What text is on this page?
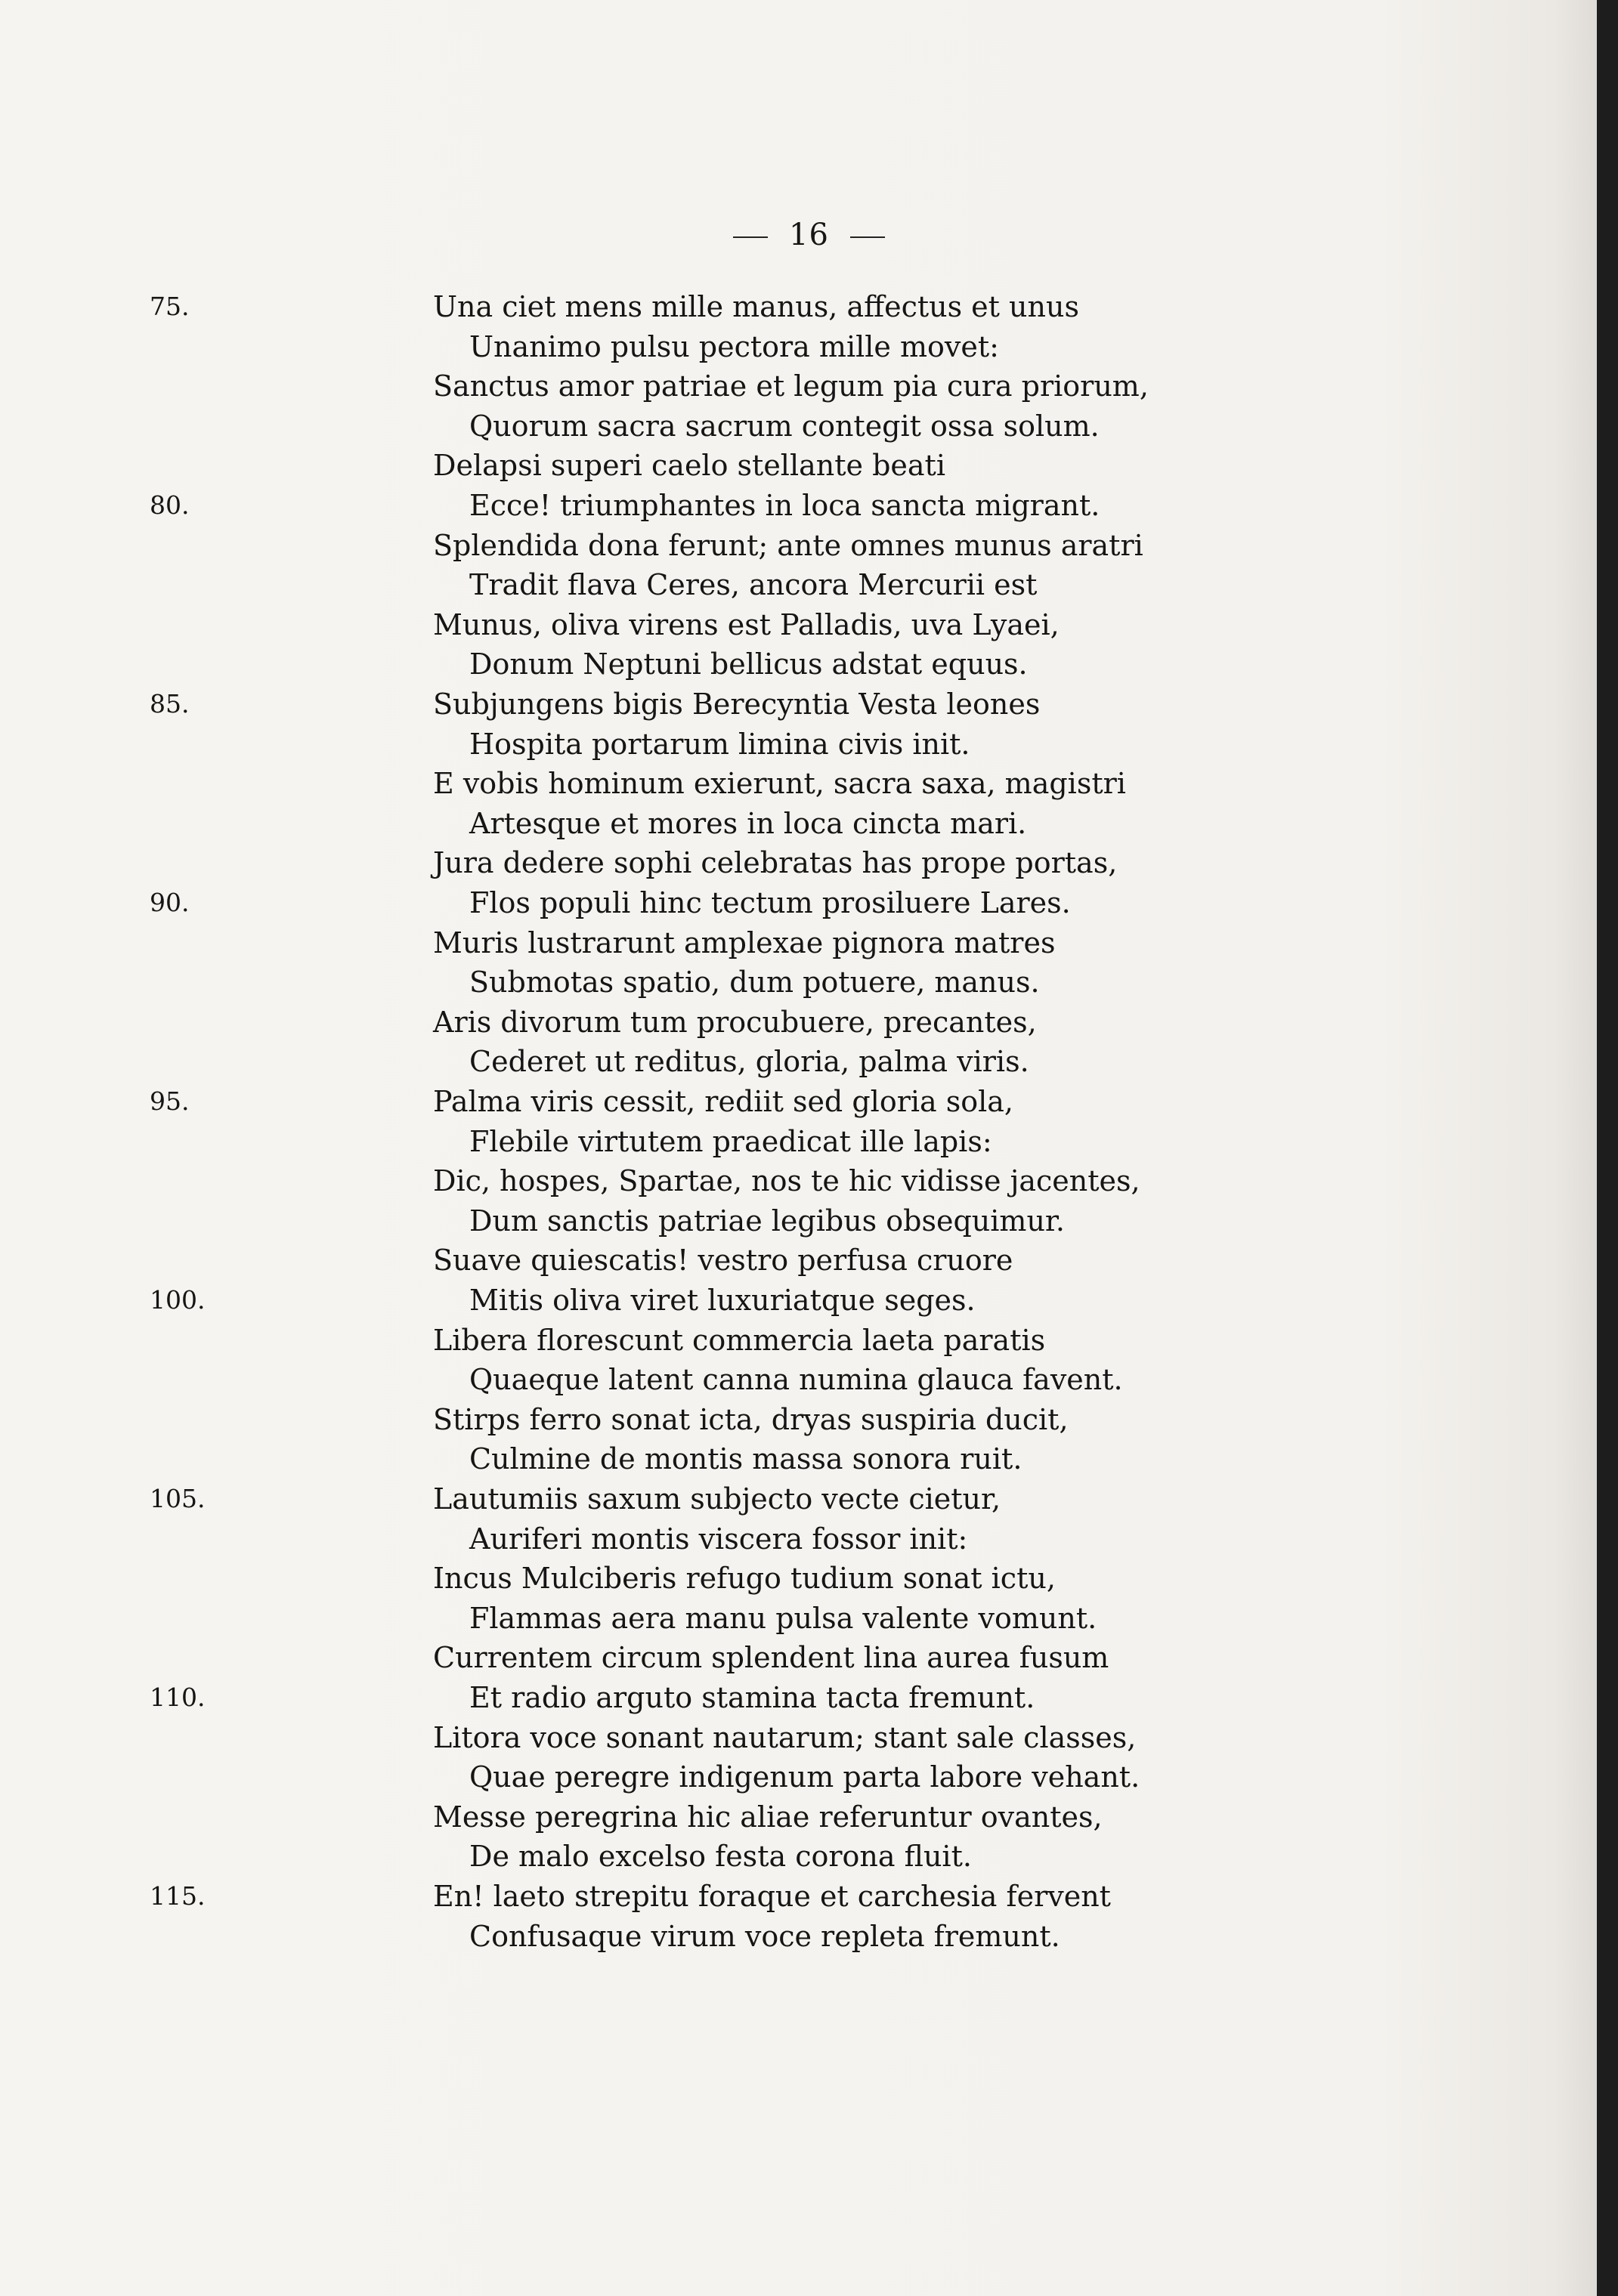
16
75.	Una ciet mens mille manus, affectus et unus
Unanimo pulsu pectora mille movet:
Sanctus amor patriae et legum pia cura priorum,
Quorum sacra sacrum contegit ossa solum.
Delapsi superi caelo stellante beati
80.	Ecce! triumphantes in loca sancta migrant.
Splendida dona ferunt; ante omnes munus aratri
Tradit flava Ceres, ancora Mercurii est
Munus, oliva virens est Palladis, uva Lyaei,
Donum Neptuni bellicus adstat equus.
85.	Subjungens bigis Berecyntia Vesta leones
Hospita portarum limina civis init.
E vobis hominum exierunt, sacra saxa, magistri
Artesque et mores in loca cincta mari.
Jura dedere sophi celebratas has prope portas,
90.	Flos populi hinc tectum prosiluere Lares.
Muris lustrarunt amplexae pignora matres
Submotas spatio, dum potuere, manus.
Aris divorum tum procubuere, precantes,
Cederet ut reditus, gloria, palma viris.
95.	Palma viris cessit, rediit sed gloria sola,
Flebile virtutem praedicat ille lapis:
Dic, hospes, Spartae, nos te hic vidisse jacentes,
Dum sanctis patriae legibus obsequimur.
Suave quiescatis! vestro perfusa cruore
100.	Mitis oliva viret luxuriatque seges.
Libera florescunt commercia laeta paratis
Quaeque latent canna numina glauca favent.
Stirps ferro sonat icta, dryas suspiria ducit,
Culmine de montis massa sonora ruit.
105.	Lautumiis saxum subjecto vecte cietur,
Auriferi montis viscera fossor init:
Incus Mulciberis refugo tudium sonat ictu,
Flammas aera manu pulsa valente vomunt.
Currentem circum splendent lina aurea fusum
110.	Et radio arguto stamina tacta fremunt.
Litora voce sonant nautarum; stant sale classes,
Quae peregre indigenum parta labore vehant.
Messe peregrina hic aliae referuntur ovantes,
De malo excelso festa corona fluit.
115.	En! laeto strepitu foraque et carchesia fervent
Confusaque virum voce repleta fremunt.
